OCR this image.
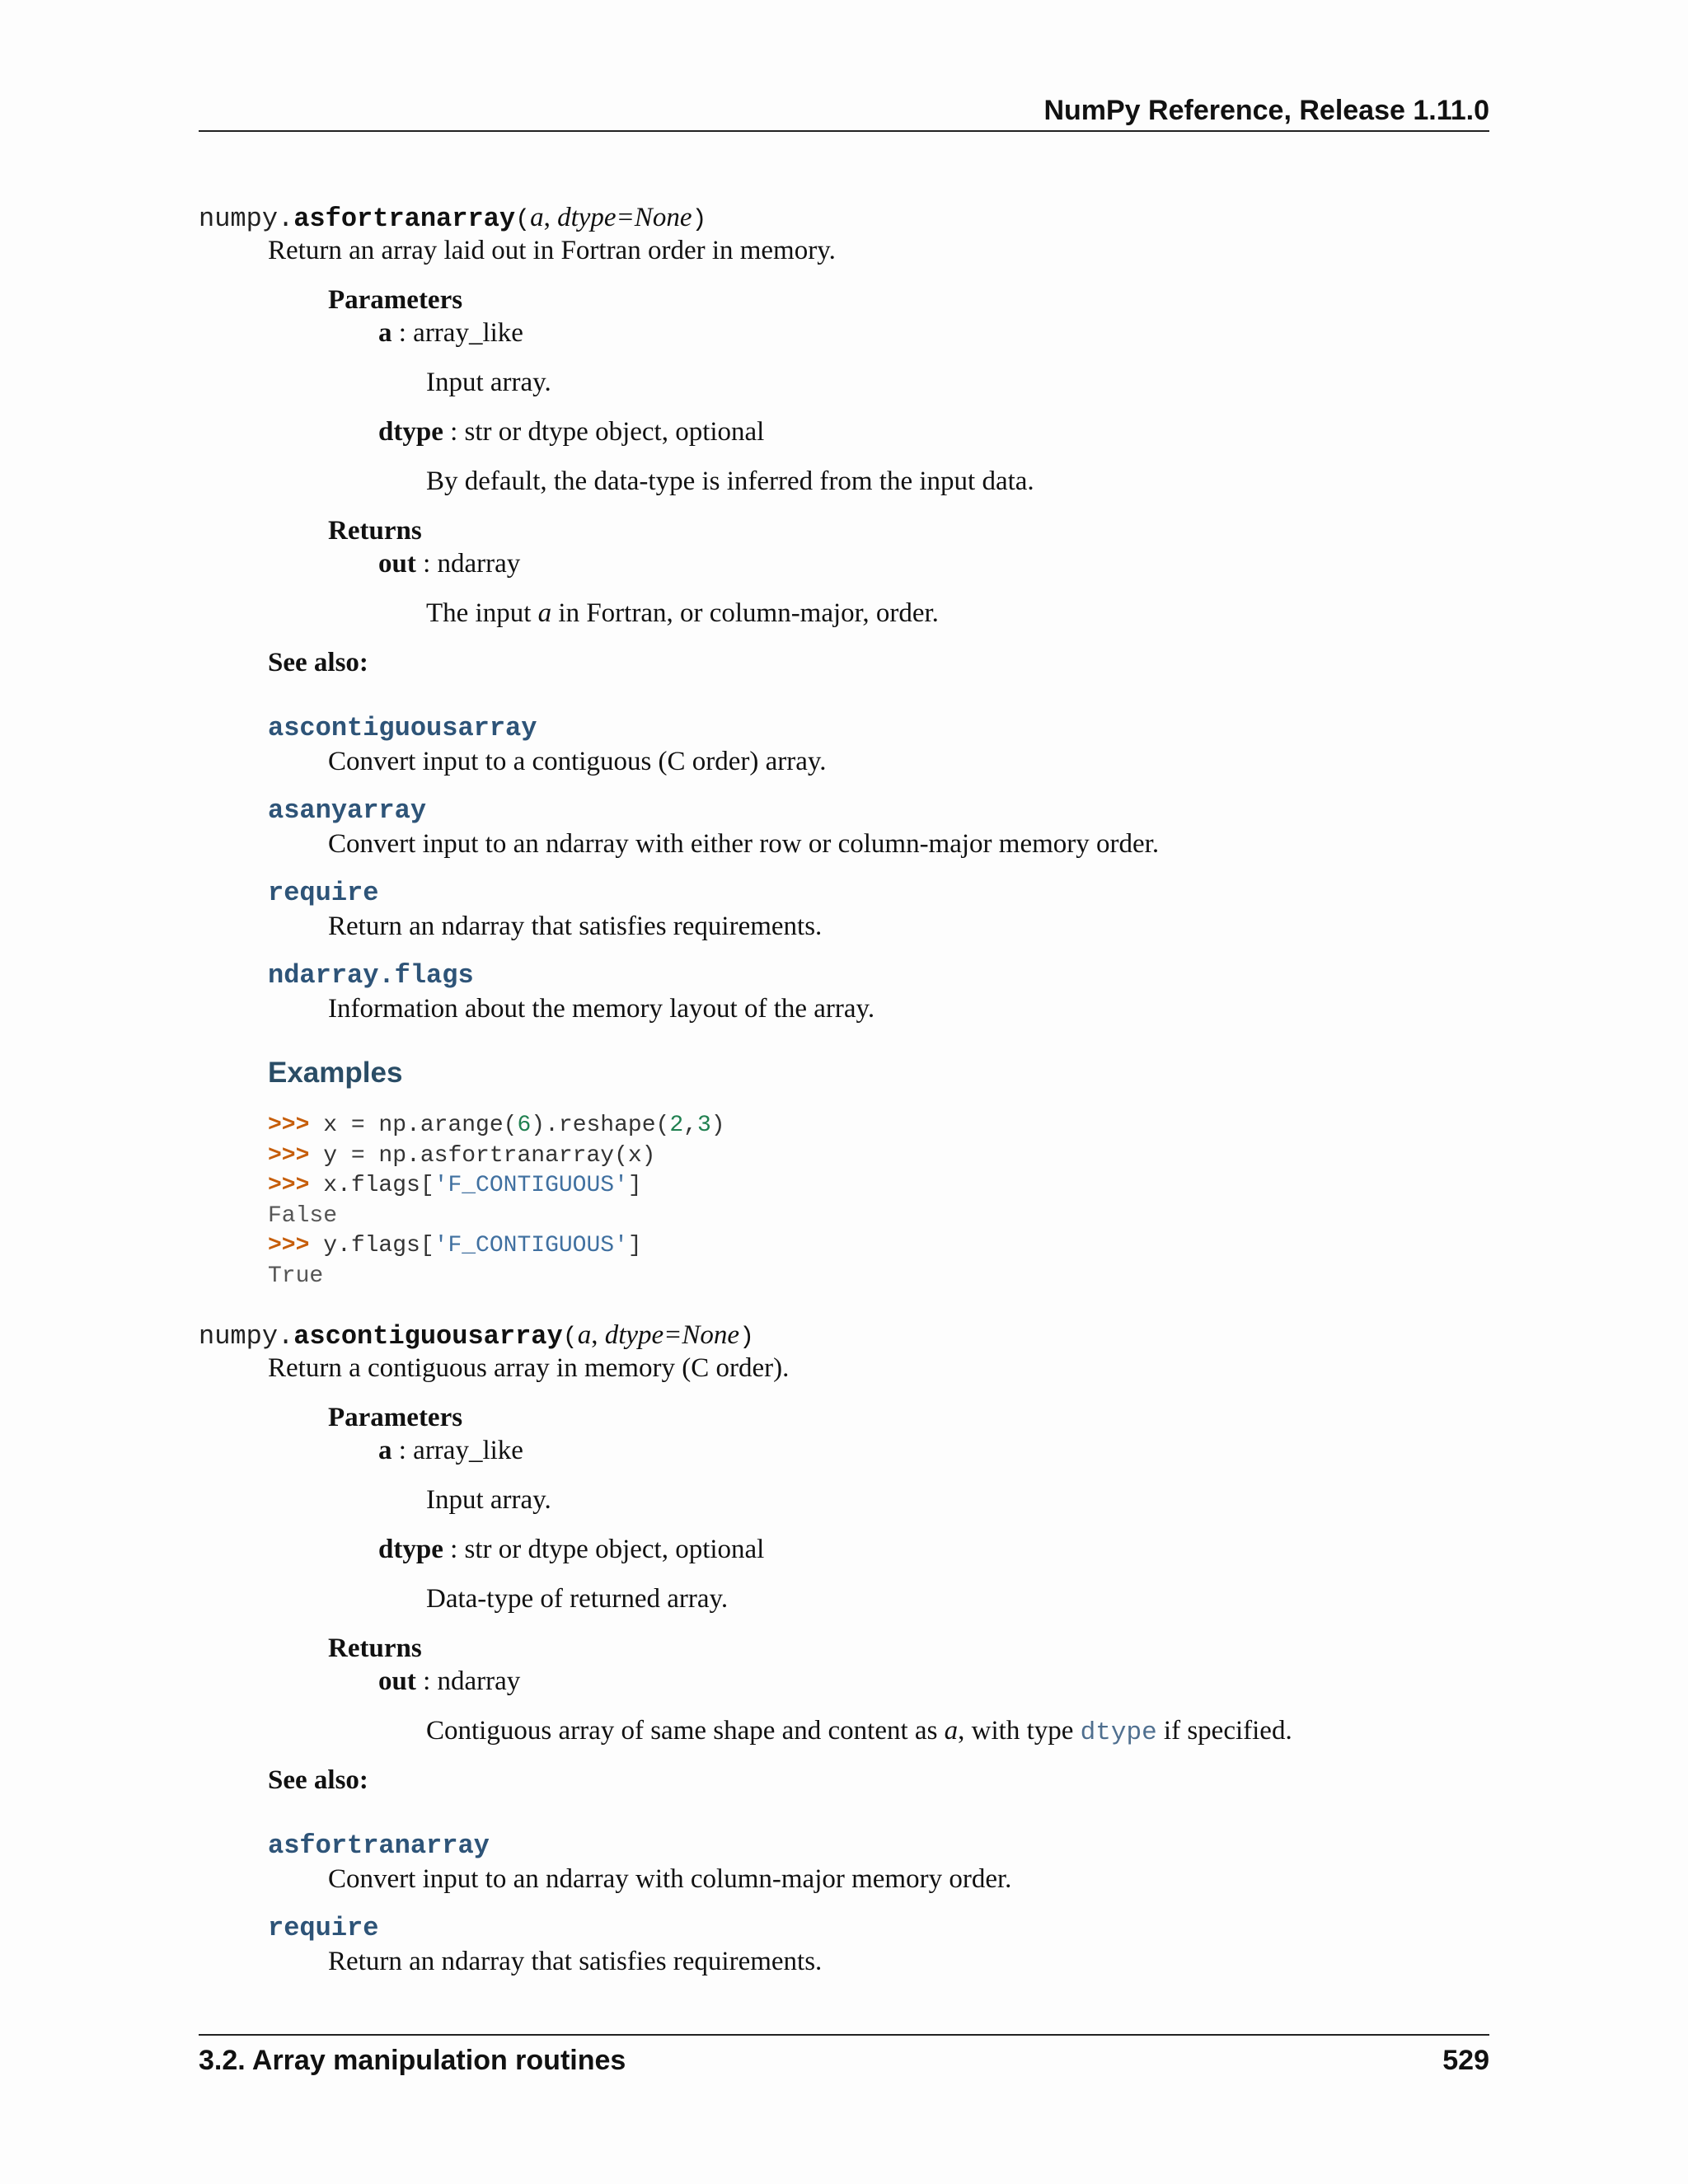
NumPy Reference, Release 1.11.0
numpy.asfortranarray(a, dtype=None)
Return an array laid out in Fortran order in memory.
Parameters
a : array_like
Input array.
dtype : str or dtype object, optional
By default, the data-type is inferred from the input data.
Returns
out : ndarray
The input a in Fortran, or column-major, order.
See also:
ascontiguousarray
Convert input to a contiguous (C order) array.
asanyarray
Convert input to an ndarray with either row or column-major memory order.
require
Return an ndarray that satisfies requirements.
ndarray.flags
Information about the memory layout of the array.
Examples
>>> x = np.arange(6).reshape(2,3)
>>> y = np.asfortranarray(x)
>>> x.flags['F_CONTIGUOUS']
False
>>> y.flags['F_CONTIGUOUS']
True
numpy.ascontiguousarray(a, dtype=None)
Return a contiguous array in memory (C order).
Parameters
a : array_like
Input array.
dtype : str or dtype object, optional
Data-type of returned array.
Returns
out : ndarray
Contiguous array of same shape and content as a, with type dtype if specified.
See also:
asfortranarray
Convert input to an ndarray with column-major memory order.
require
Return an ndarray that satisfies requirements.
3.2. Array manipulation routines	529
